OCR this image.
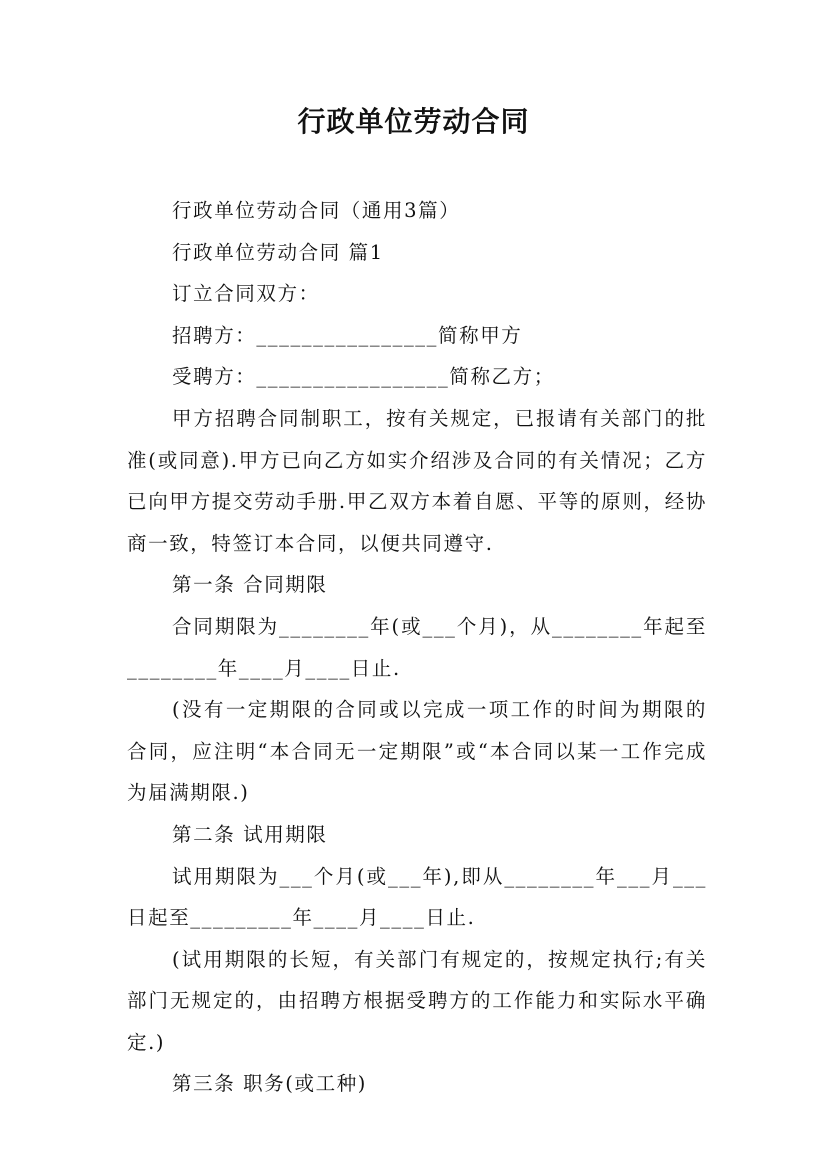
行政单位劳动合同

行政单位劳动合同（通用3篇）

行政单位劳动合同 篇1

订立合同双方：

招聘方：________________简称甲方

受聘方：_________________简称乙方；

甲方招聘合同制职工，按有关规定，已报请有关部门的批准(或同意).甲方已向乙方如实介绍涉及合同的有关情况；乙方已向甲方提交劳动手册.甲乙双方本着自愿、平等的原则，经协商一致，特签订本合同，以便共同遵守.

第一条 合同期限

合同期限为________年(或___个月)，从________年起至________年____月____日止.

(没有一定期限的合同或以完成一项工作的时间为期限的合同，应注明“本合同无一定期限”或“本合同以某一工作完成为届满期限.)

第二条 试用期限

试用期限为___个月(或___年),即从________年___月___日起至_________年____月____日止.

(试用期限的长短，有关部门有规定的，按规定执行;有关部门无规定的，由招聘方根据受聘方的工作能力和实际水平确定.)

第三条 职务(或工种)
